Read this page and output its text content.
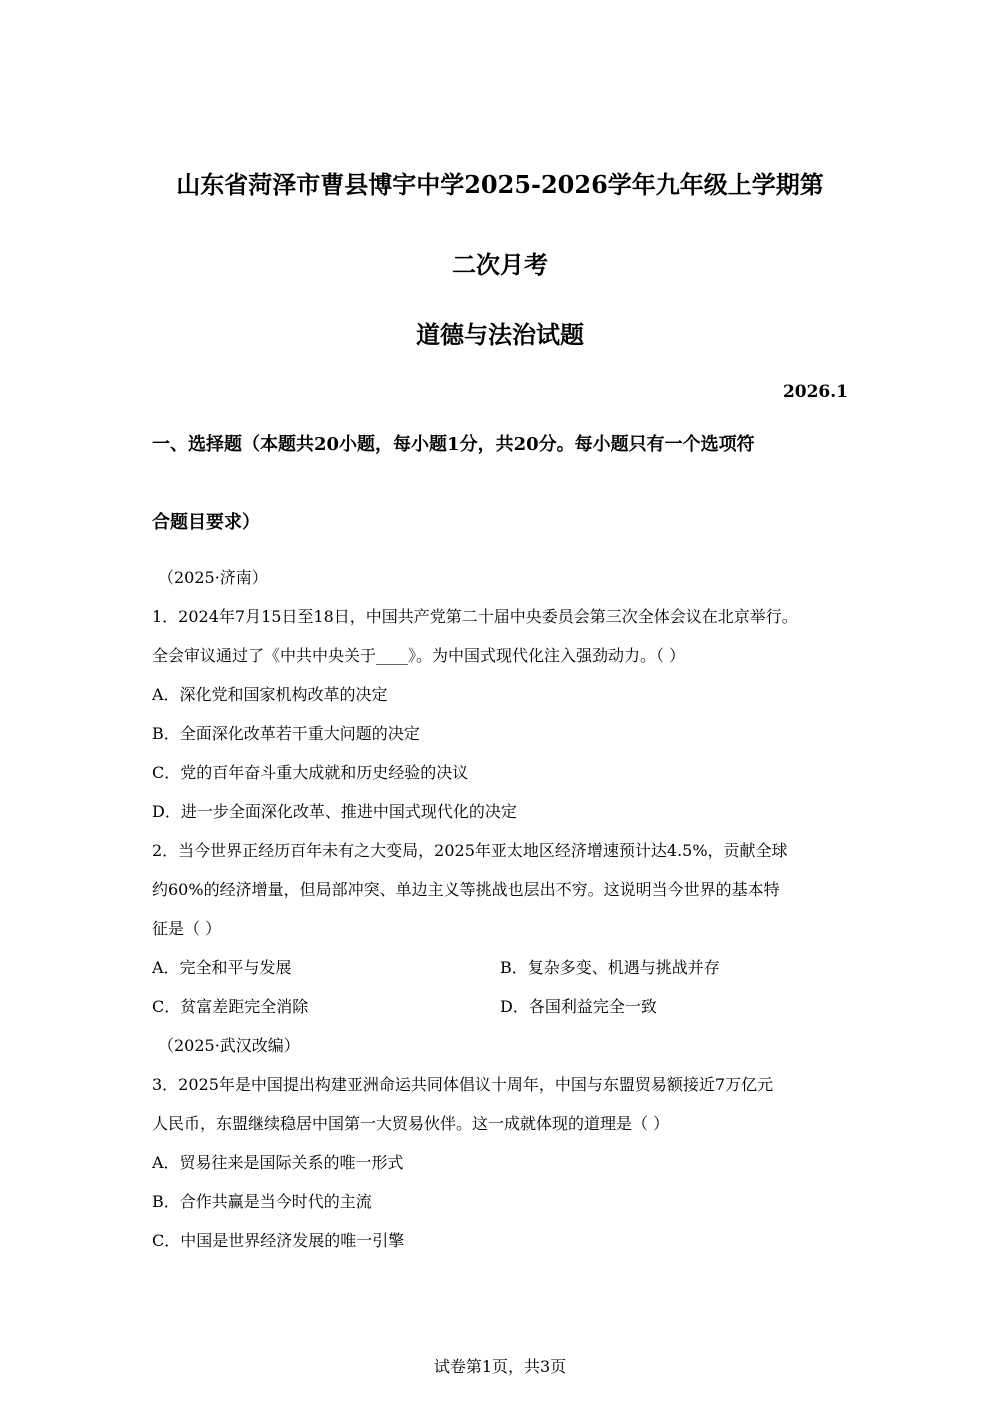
山东省菏泽市曹县博宇中学2025-2026学年九年级上学期第
二次月考
道德与法治试题
2026.1
一、选择题（本题共20小题，每小题1分，共20分。每小题只有一个选项符
合题目要求）
（2025·济南）
1．2024年7月15日至18日，中国共产党第二十届中央委员会第三次全体会议在北京举行。
全会审议通过了《中共中央关于____》。为中国式现代化注入强劲动力。（ ）
A．深化党和国家机构改革的决定
B．全面深化改革若干重大问题的决定
C．党的百年奋斗重大成就和历史经验的决议
D．进一步全面深化改革、推进中国式现代化的决定
2．当今世界正经历百年未有之大变局，2025年亚太地区经济增速预计达4.5%，贡献全球
约60%的经济增量，但局部冲突、单边主义等挑战也层出不穷。这说明当今世界的基本特
征是（ ）
A．完全和平与发展	B．复杂多变、机遇与挑战并存
C．贫富差距完全消除	D．各国利益完全一致
（2025·武汉改编）
3．2025年是中国提出构建亚洲命运共同体倡议十周年，中国与东盟贸易额接近7万亿元
人民币，东盟继续稳居中国第一大贸易伙伴。这一成就体现的道理是（ ）
A．贸易往来是国际关系的唯一形式
B．合作共赢是当今时代的主流
C．中国是世界经济发展的唯一引擎
试卷第1页，共3页
